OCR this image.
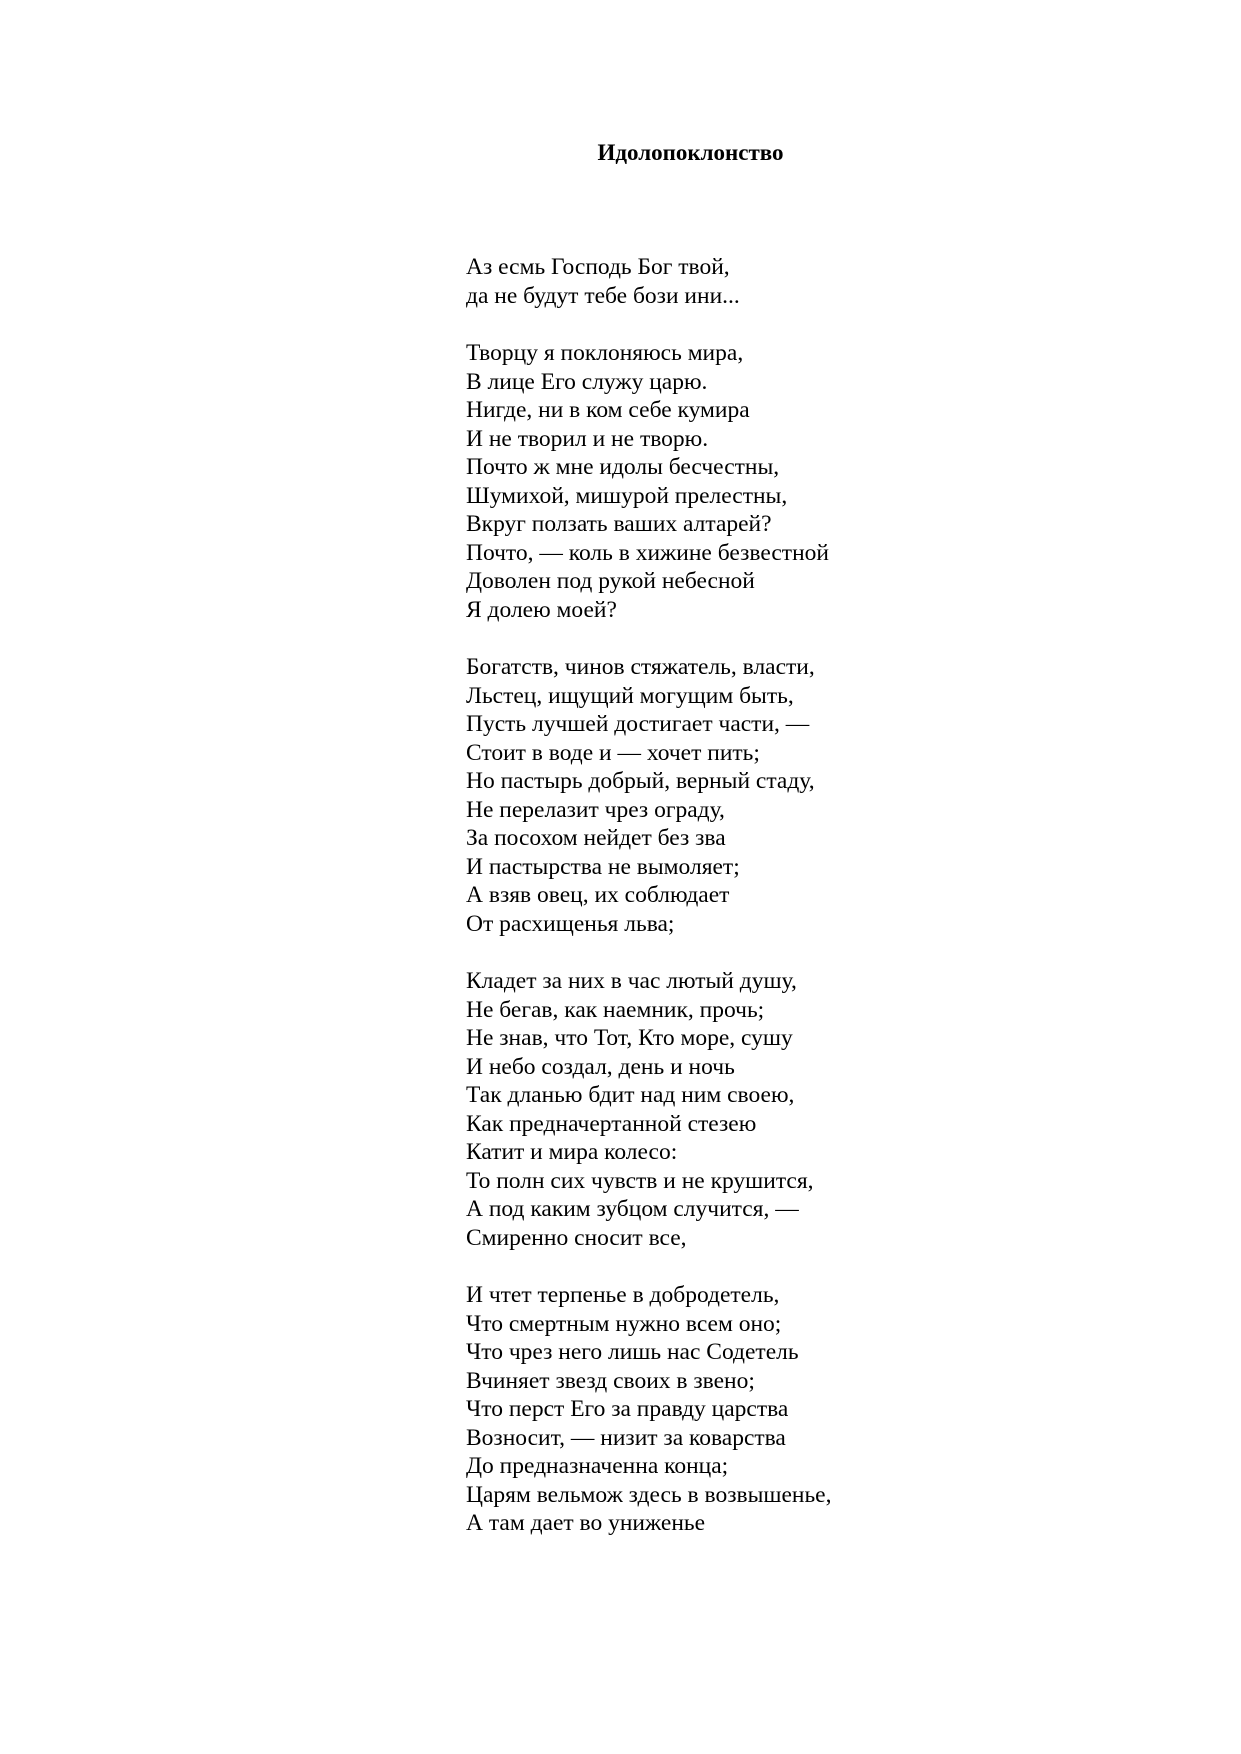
Идолопоклонство
Аз есмь Господь Бог твой,
да не будут тебе бози ини...
Творцу я поклоняюсь мира,
В лице Его служу царю.
Нигде, ни в ком себе кумира
И не творил и не творю.
Почто ж мне идолы бесчестны,
Шумихой, мишурой прелестны,
Вкруг ползать ваших алтарей?
Почто, — коль в хижине безвестной
Доволен под рукой небесной
Я долею моей?
Богатств, чинов стяжатель, власти,
Льстец, ищущий могущим быть,
Пусть лучшей достигает части, —
Стоит в воде и — хочет пить;
Но пастырь добрый, верный стаду,
Не перелазит чрез ограду,
За посохом нейдет без зва
И пастырства не вымоляет;
А взяв овец, их соблюдает
От расхищенья льва;
Кладет за них в час лютый душу,
Не бегав, как наемник, прочь;
Не знав, что Тот, Кто море, сушу
И небо создал, день и ночь
Так дланью бдит над ним своею,
Как предначертанной стезею
Катит и мира колесо:
То полн сих чувств и не крушится,
А под каким зубцом случится, —
Смиренно сносит все,
И чтет терпенье в добродетель,
Что смертным нужно всем оно;
Что чрез него лишь нас Содетель
Вчиняет звезд своих в звено;
Что перст Его за правду царства
Возносит, — низит за коварства
До предназначенна конца;
Царям вельмож здесь в возвышенье,
А там дает во униженье
